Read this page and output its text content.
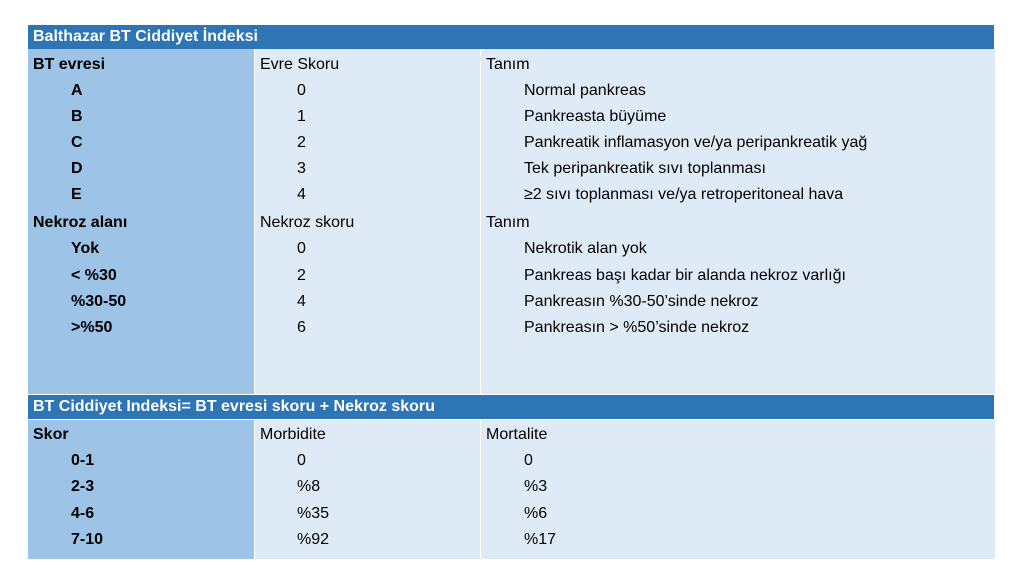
Balthazar BT Ciddiyet İndeksi
BT evresi	Evre Skoru	Tanım
A	0	Normal pankreas
B	1	Pankreasta büyüme
C	2	Pankreatik inflamasyon ve/ya peripankreatik yağ
D	3	Tek peripankreatik sıvı toplanması
E	4	≥2 sıvı toplanması ve/ya retroperitoneal hava
Nekroz alanı	Nekroz skoru	Tanım
Yok	0	Nekrotik alan yok
< %30	2	Pankreas başı kadar bir alanda nekroz varlığı
%30-50	4	Pankreasın %30-50’sinde nekroz
>%50	6	Pankreasın > %50’sinde nekroz
BT Ciddiyet Indeksi= BT evresi skoru + Nekroz skoru
Skor	Morbidite	Mortalite
0-1	0	0
2-3	%8	%3
4-6	%35	%6
7-10	%92	%17
